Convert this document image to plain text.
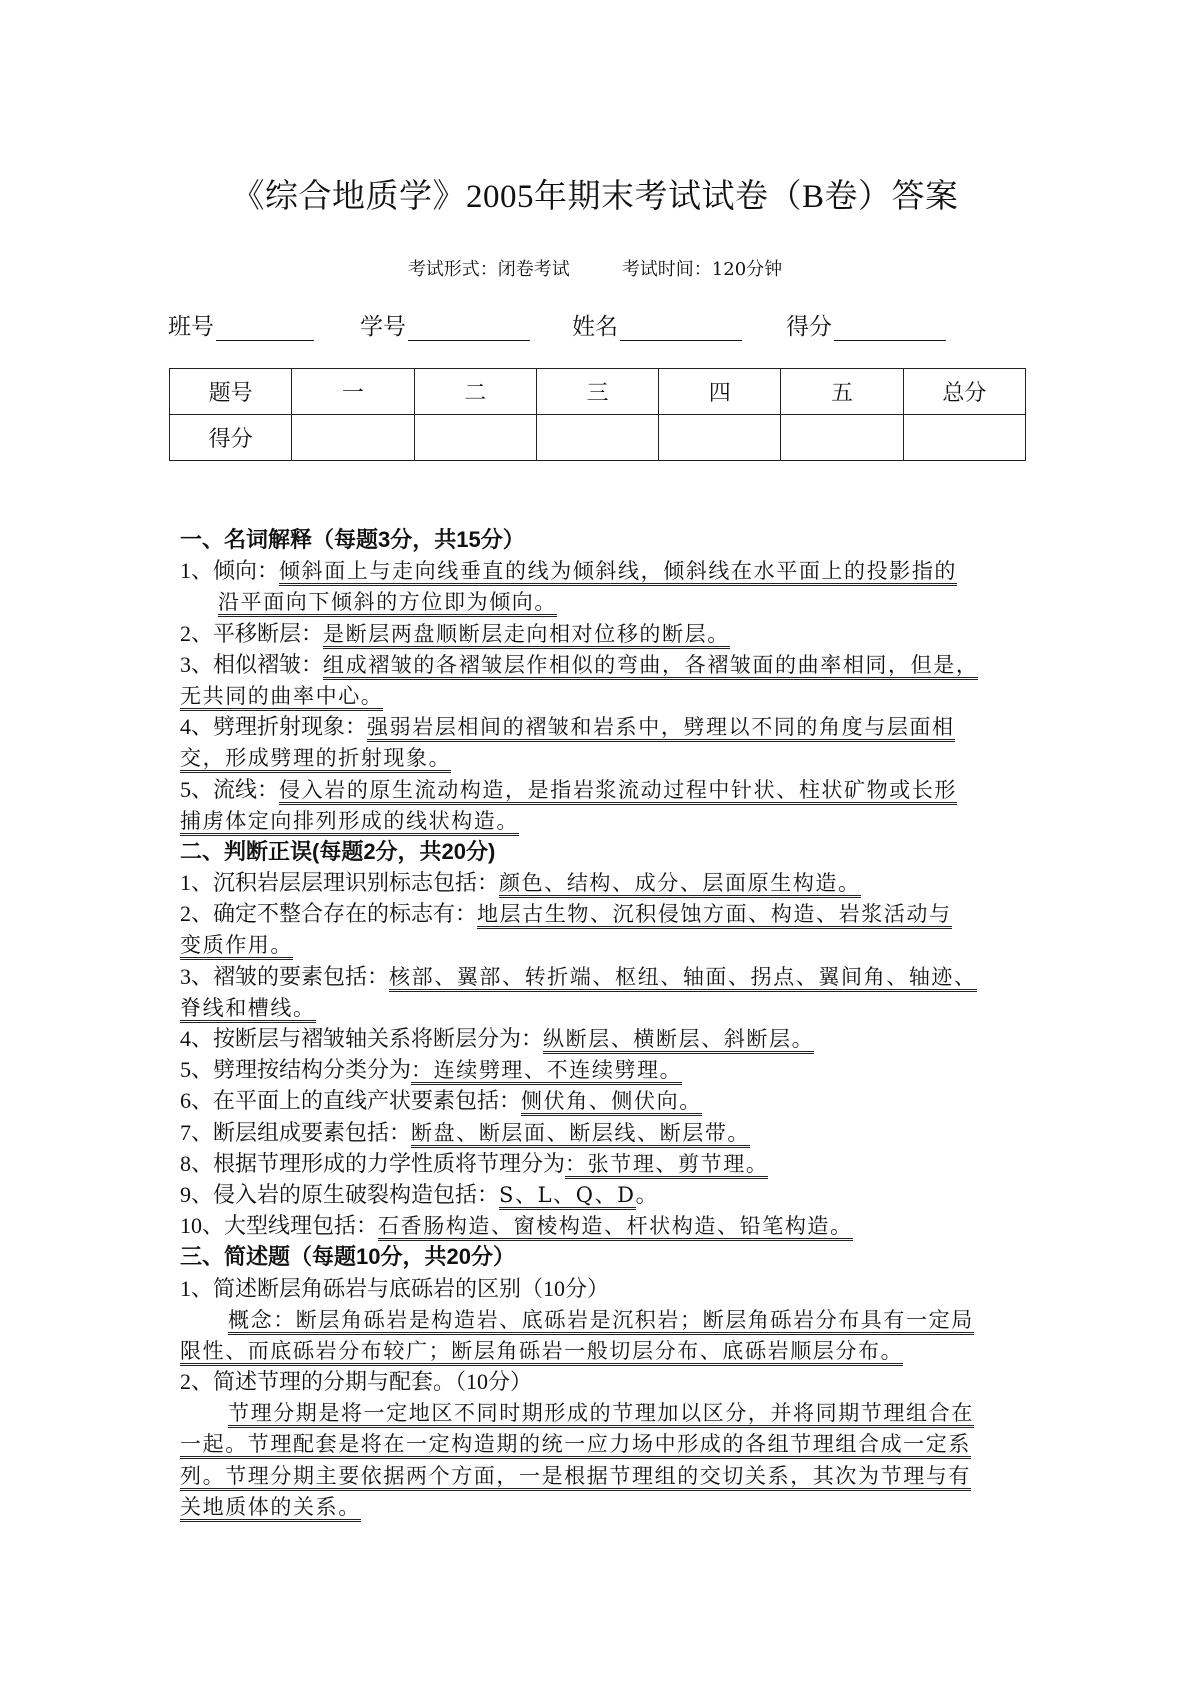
《综合地质学》2005年期末考试试卷（B卷）答案
考试形式：闭卷考试	考试时间：120分钟
班号	学号	姓名	得分
题号	一	二	三	四	五	总分
得分						
一、名词解释（每题3分，共15分）
1、倾向：倾斜面上与走向线垂直的线为倾斜线，倾斜线在水平面上的投影指的
沿平面向下倾斜的方位即为倾向。
2、平移断层：是断层两盘顺断层走向相对位移的断层。
3、相似褶皱：组成褶皱的各褶皱层作相似的弯曲，各褶皱面的曲率相同，但是，
无共同的曲率中心。
4、劈理折射现象：强弱岩层相间的褶皱和岩系中，劈理以不同的角度与层面相
交，形成劈理的折射现象。
5、流线：侵入岩的原生流动构造，是指岩浆流动过程中针状、柱状矿物或长形
捕虏体定向排列形成的线状构造。
二、判断正误(每题2分，共20分)
1、沉积岩层层理识别标志包括：颜色、结构、成分、层面原生构造。
2、确定不整合存在的标志有：地层古生物、沉积侵蚀方面、构造、岩浆活动与
变质作用。
3、褶皱的要素包括：核部、翼部、转折端、枢纽、轴面、拐点、翼间角、轴迹、
脊线和槽线。
4、按断层与褶皱轴关系将断层分为：纵断层、横断层、斜断层。
5、劈理按结构分类分为：连续劈理、不连续劈理。
6、在平面上的直线产状要素包括：侧伏角、侧伏向。
7、断层组成要素包括：断盘、断层面、断层线、断层带。
8、根据节理形成的力学性质将节理分为：张节理、剪节理。
9、侵入岩的原生破裂构造包括：S、L、Q、D。
10、大型线理包括：石香肠构造、窗棱构造、杆状构造、铅笔构造。
三、简述题（每题10分，共20分）
1、简述断层角砾岩与底砾岩的区别（10分）
概念：断层角砾岩是构造岩、底砾岩是沉积岩；断层角砾岩分布具有一定局
限性、而底砾岩分布较广；断层角砾岩一般切层分布、底砾岩顺层分布。
2、简述节理的分期与配套。（10分）
节理分期是将一定地区不同时期形成的节理加以区分，并将同期节理组合在
一起。节理配套是将在一定构造期的统一应力场中形成的各组节理组合成一定系
列。节理分期主要依据两个方面，一是根据节理组的交切关系，其次为节理与有
关地质体的关系。
